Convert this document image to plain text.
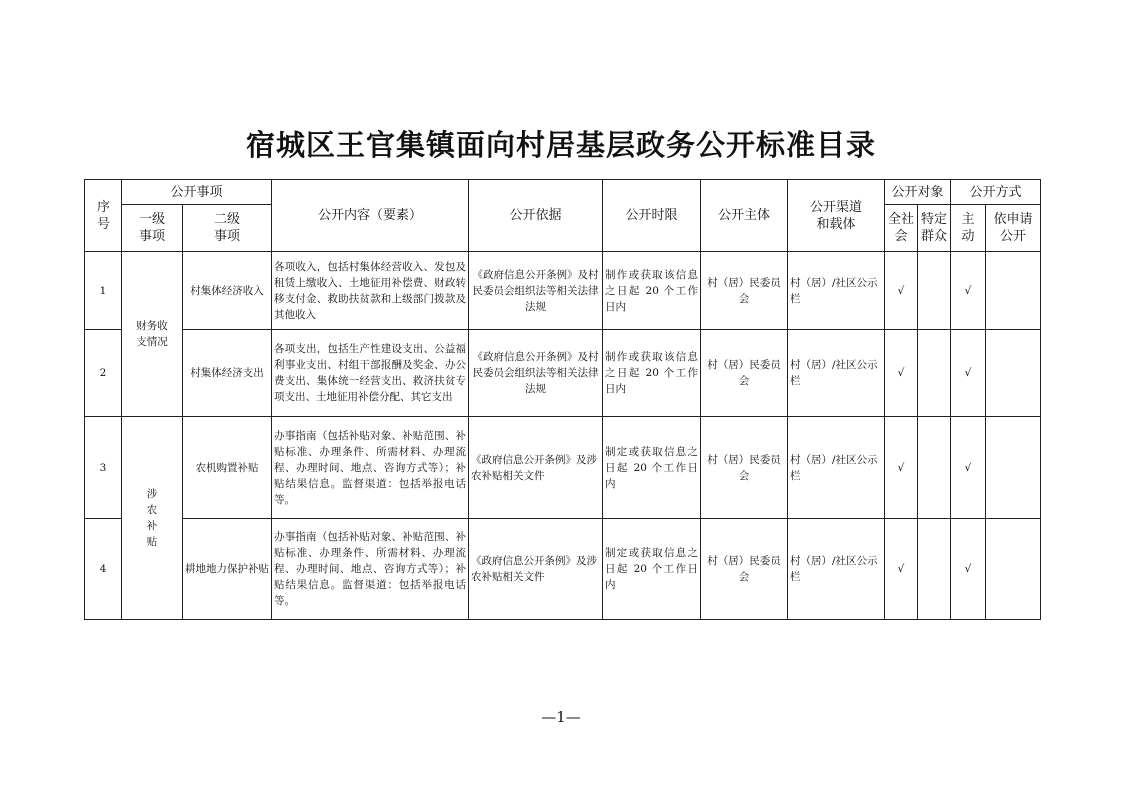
宿城区王官集镇面向村居基层政务公开标准目录
序号	公开事项		公开内容（要素）	公开依据	公开时限	公开主体	公开渠道和载体	公开对象		公开方式	
	一级事项	二级事项						全社会	特定群众	主动	依申请公开
1	财务收支情况	村集体经济收入	各项收入，包括村集体经营收入、发包及租赁上缴收入、土地征用补偿费、财政转移支付金、救助扶贫款和上级部门拨款及其他收入	《政府信息公开条例》及村民委员会组织法等相关法律法规	制作或获取该信息之日起 20 个工作日内	村（居）民委员会	村（居）/社区公示栏	√		√	
2		村集体经济支出	各项支出，包括生产性建设支出、公益福利事业支出、村组干部报酬及奖金、办公费支出、集体统一经营支出、救济扶贫专项支出、土地征用补偿分配、其它支出	《政府信息公开条例》及村民委员会组织法等相关法律法规	制作或获取该信息之日起 20 个工作日内	村（居）民委员会	村（居）/社区公示栏	√		√	
3	涉农补贴	农机购置补贴	办事指南（包括补贴对象、补贴范围、补贴标准、办理条件、所需材料、办理流程、办理时间、地点、咨询方式等）；补贴结果信息。监督渠道：包括举报电话等。	《政府信息公开条例》及涉农补贴相关文件	制定或获取信息之日起 20 个工作日内	村（居）民委员会	村（居）/社区公示栏	√		√	
4		耕地地力保护补贴	办事指南（包括补贴对象、补贴范围、补贴标准、办理条件、所需材料、办理流程、办理时间、地点、咨询方式等）；补贴结果信息。监督渠道：包括举报电话等。	《政府信息公开条例》及涉农补贴相关文件	制定或获取信息之日起 20 个工作日内	村（居）民委员会	村（居）/社区公示栏	√		√	
—1—
